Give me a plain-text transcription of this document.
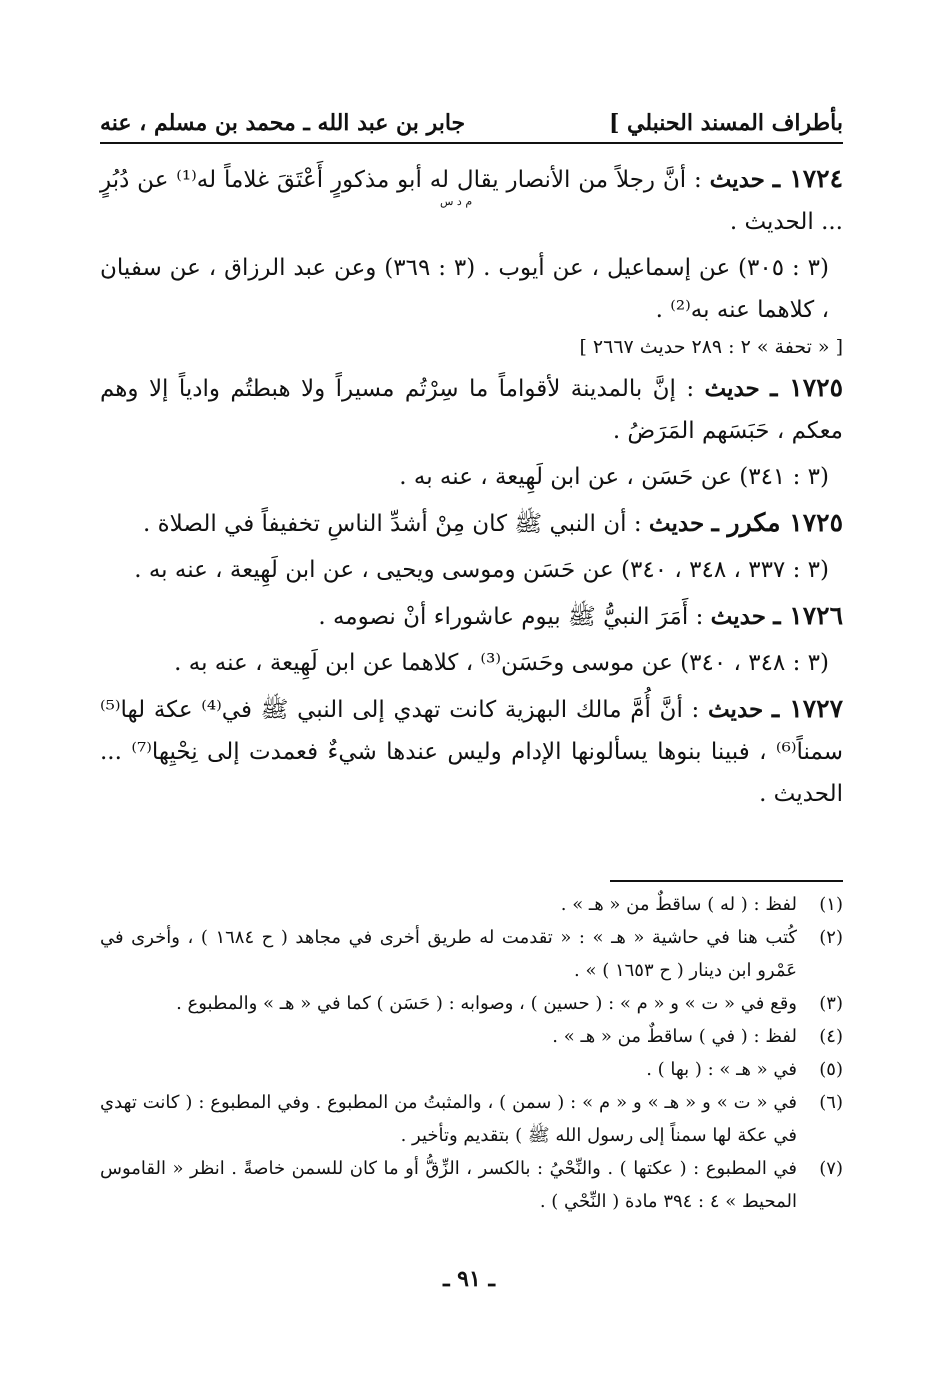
بأطراف المسند الحنبلي ]
جابر بن عبد الله ـ محمد بن مسلم ، عنه
م د س

١٧٢٤ ـ حديث : أنَّ رجلاً من الأنصار يقال له أبو مذكورٍ أَعْتَقَ غلاماً له⁽¹⁾ عن دُبُرٍ ... الحديث .

(٣ : ٣٠٥) عن إسماعيل ، عن أيوب . (٣ : ٣٦٩) وعن عبد الرزاق ، عن سفيان ، كلاهما عنه به⁽²⁾ .

[ « تحفة » ٢ : ٢٨٩ حديث ٢٦٦٧ ]

١٧٢٥ ـ حديث : إنَّ بالمدينة لأقواماً ما سِرْتُم مسيراً ولا هبطتُم وادياً إلا وهم معكم ، حَبَسَهم المَرَضُ .

(٣ : ٣٤١) عن حَسَن ، عن ابن لَهِيعة ، عنه به .

١٧٢٥ مكرر ـ حديث : أن النبي ﷺ كان مِنْ أشدِّ الناسِ تخفيفاً في الصلاة .

(٣ : ٣٣٧ ، ٣٤٨ ، ٣٤٠) عن حَسَن وموسى ويحيى ، عن ابن لَهِيعة ، عنه به .

١٧٢٦ ـ حديث : أَمَرَ النبيُّ ﷺ بيوم عاشوراء أنْ نصومه .

(٣ : ٣٤٨ ، ٣٤٠) عن موسى وحَسَن⁽³⁾ ، كلاهما عن ابن لَهِيعة ، عنه به .

١٧٢٧ ـ حديث : أنَّ أُمَّ مالك البهزية كانت تهدي إلى النبي ﷺ في⁽⁴⁾ عكة لها⁽⁵⁾ سمناً⁽⁶⁾ ، فبينا بنوها يسألونها الإدام وليس عندها شيءٌ فعمدت إلى نِحْيِها⁽⁷⁾ ... الحديث .

(١)
لفظ : ( له ) ساقطٌ من « هـ » .
(٢)
كُتب هنا في حاشية « هـ » : « تقدمت له طريق أخرى في مجاهد ( ح ١٦٨٤ ) ، وأخرى في عَمْرو ابن دينار ( ح ١٦٥٣ ) » .
(٣)
وقع في « ت » و « م » : ( حسين ) ، وصوابه : ( حَسَن ) كما في « هـ » والمطبوع .
(٤)
لفظ : ( في ) ساقطٌ من « هـ » .
(٥)
في « هـ » : ( بها ) .
(٦)
في « ت » و « هـ » و « م » : ( سمن ) ، والمثبتُ من المطبوع . وفي المطبوع : ( كانت تهدي في عكة لها سمناً إلى رسول الله ﷺ ) بتقديم وتأخير .
(٧)
في المطبوع : ( عكتها ) . والنِّحْيُ : بالكسر ، الزِّقُّ أو ما كان للسمن خاصةً . انظر « القاموس المحيط » ٤ : ٣٩٤ مادة ( النِّحْي ) .
ـ ٩١ ـ
